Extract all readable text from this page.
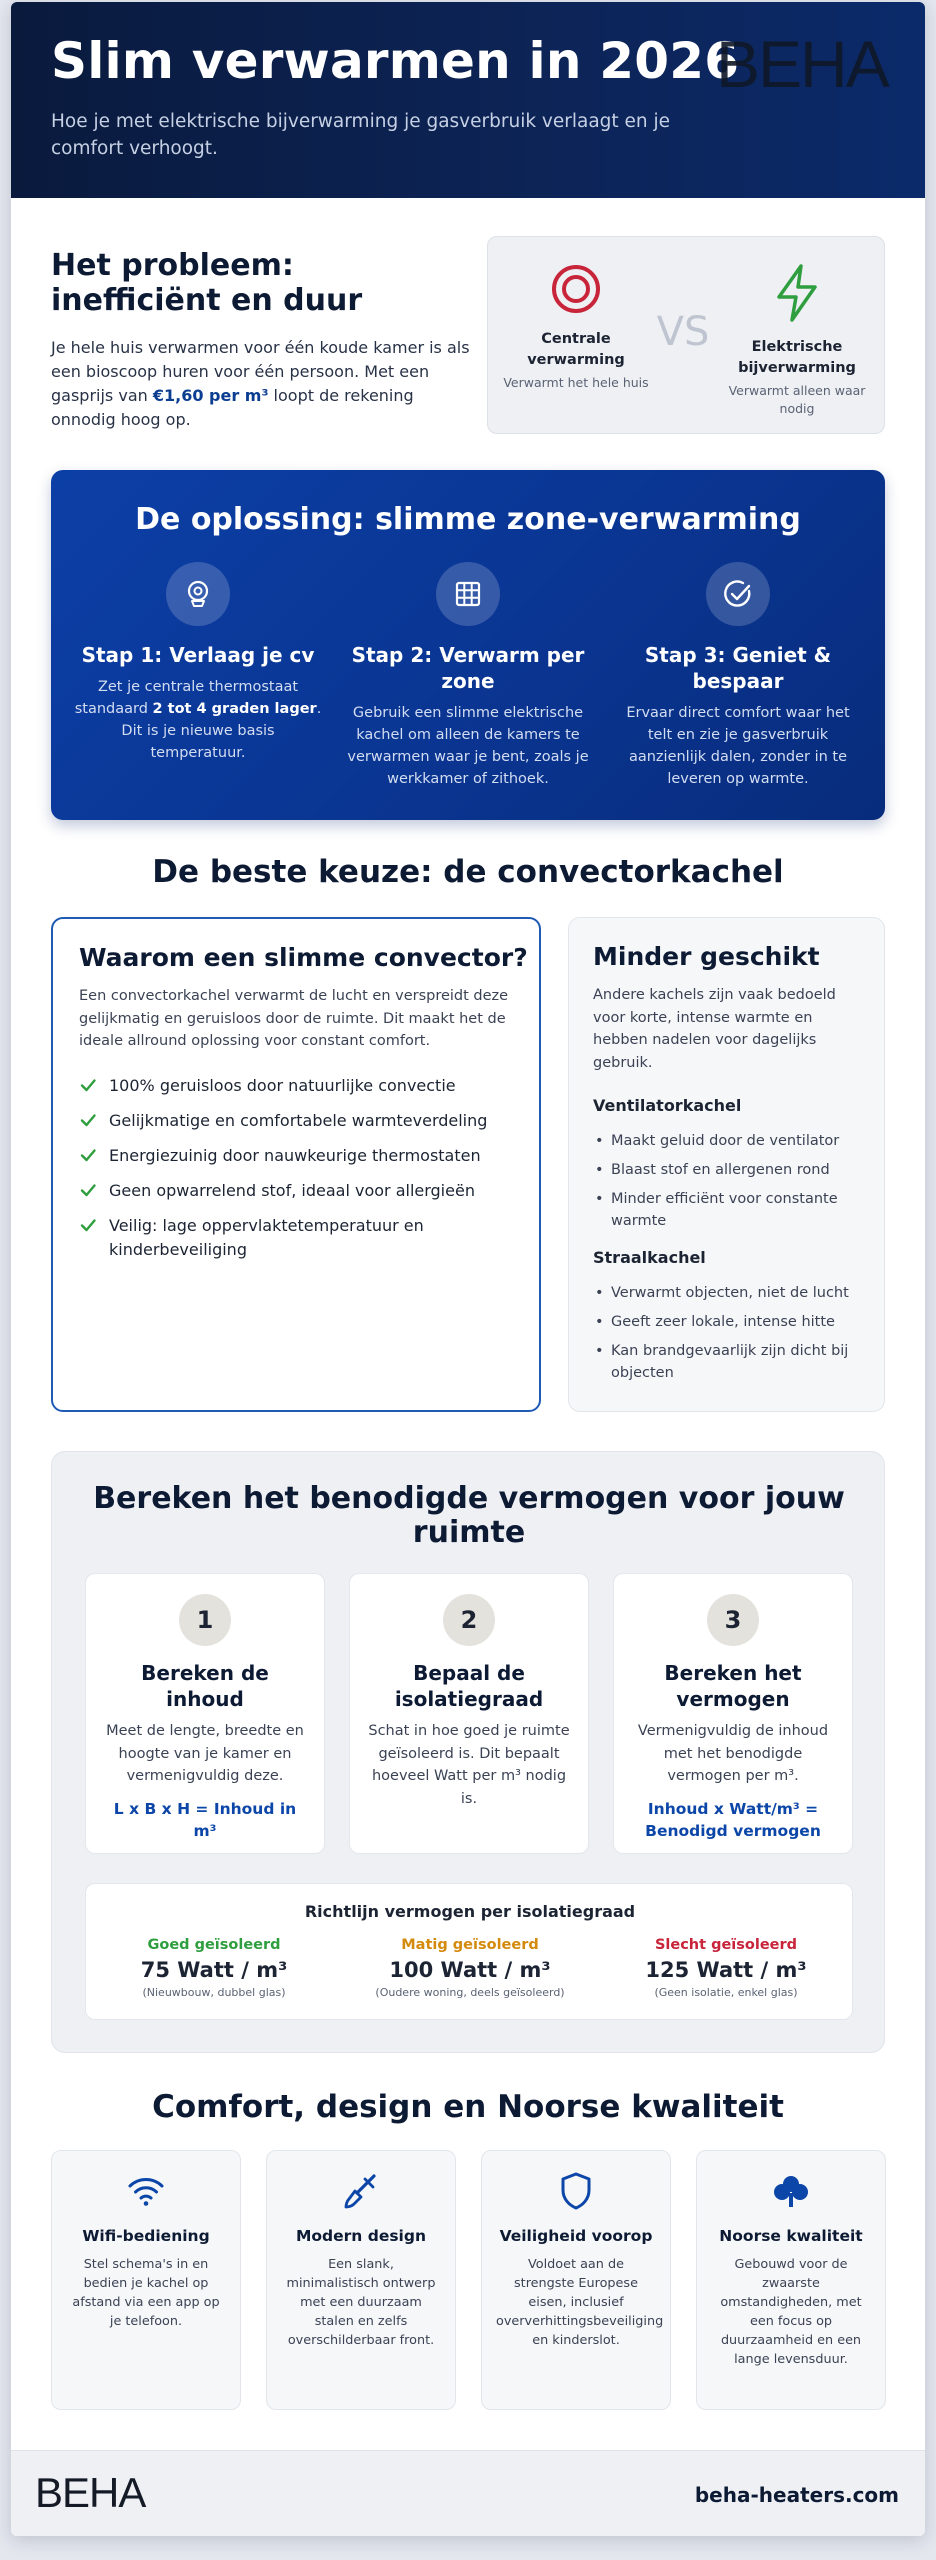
Slim verwarmen in 2026
Hoe je met elektrische bijverwarming je gasverbruik verlaagt en je comfort verhoogt.
BEHA
Het probleem: inefficiënt en duur

Je hele huis verwarmen voor één koude kamer is als een bioscoop huren voor één persoon. Met een gasprijs van €1,60 per m³ loopt de rekening onnodig hoog op.

Centrale verwarming
Verwarmt het hele huis
VS	Elektrische bijverwarming
Verwarmt alleen waar nodig
De oplossing: slimme zone-verwarming
Stap 1: Verlaag je cv
Zet je centrale thermostaat standaard 2 tot 4 graden lager. Dit is je nieuwe basis temperatuur.
Stap 2: Verwarm per zone
Gebruik een slimme elektrische kachel om alleen de kamers te verwarmen waar je bent, zoals je werkkamer of zithoek.
Stap 3: Geniet & bespaar
Ervaar direct comfort waar het telt en zie je gasverbruik aanzienlijk dalen, zonder in te leveren op warmte.
De beste keuze: de convectorkachel
Waarom een slimme convector?

Een convectorkachel verwarmt de lucht en verspreidt deze gelijkmatig en geruisloos door de ruimte. Dit maakt het de ideale allround oplossing voor constant comfort.

100% geruisloos door natuurlijke convectie
Gelijkmatige en comfortabele warmteverdeling
Energiezuinig door nauwkeurige thermostaten
Geen opwarrelend stof, ideaal voor allergieën
Veilig: lage oppervlaktetemperatuur en kinderbeveiliging
Minder geschikt
Andere kachels zijn vaak bedoeld voor korte, intense warmte en hebben nadelen voor dagelijks gebruik.
Ventilatorkachel
• Maakt geluid door de ventilator
• Blaast stof en allergenen rond
• Minder efficiënt voor constante warmte
Straalkachel
• Verwarmt objecten, niet de lucht
• Geeft zeer lokale, intense hitte
• Kan brandgevaarlijk zijn dicht bij objecten
Bereken het benodigde vermogen voor jouw ruimte
1
Bereken de inhoud
Meet de lengte, breedte en hoogte van je kamer en vermenigvuldig deze.
L x B x H = Inhoud in m³
2
Bepaal de isolatiegraad
Schat in hoe goed je ruimte geïsoleerd is. Dit bepaalt hoeveel Watt per m³ nodig is.
3
Bereken het vermogen
Vermenigvuldig de inhoud met het benodigde vermogen per m³.
Inhoud x Watt/m³ = Benodigd vermogen
Richtlijn vermogen per isolatiegraad
Goed geïsoleerd
75 Watt / m³
(Nieuwbouw, dubbel glas)
Matig geïsoleerd
100 Watt / m³
(Oudere woning, deels geïsoleerd)
Slecht geïsoleerd
125 Watt / m³
(Geen isolatie, enkel glas)
Comfort, design en Noorse kwaliteit
Wifi-bediening
Stel schema's in en bedien je kachel op afstand via een app op je telefoon.
Modern design
Een slank, minimalistisch ontwerp met een duurzaam stalen en zelfs overschilderbaar front.
Veiligheid voorop
Voldoet aan de strengste Europese eisen, inclusief oververhittingsbeveiliging en kinderslot.
Noorse kwaliteit
Gebouwd voor de zwaarste omstandigheden, met een focus op duurzaamheid en een lange levensduur.
BEHA	beha-heaters.com
